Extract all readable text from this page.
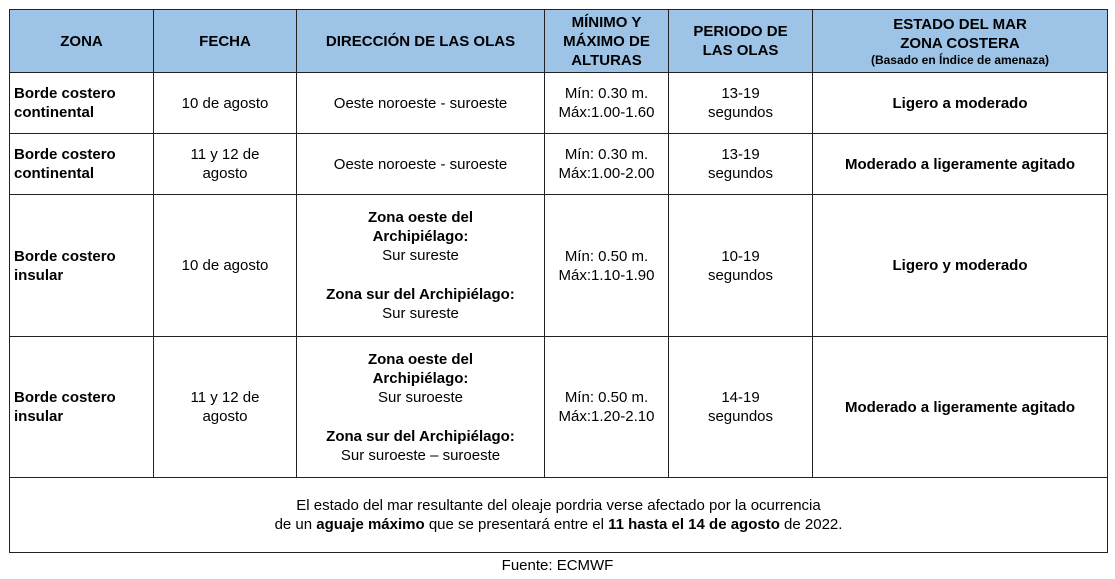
ZONA	FECHA	DIRECCIÓN DE LAS OLAS	MÍNIMO Y
MÁXIMO DE
ALTURAS	PERIODO DE
LAS OLAS	ESTADO DEL MAR
ZONA COSTERA
(Basado en Índice de amenaza)

Borde costero
continental	10 de agosto	Oeste noroeste - suroeste	Mín: 0.30 m.
Máx:1.00-1.60	13-19
segundos	Ligero a moderado

Borde costero
continental	11 y 12 de
agosto	Oeste noroeste - suroeste	Mín: 0.30 m.
Máx:1.00-2.00	13-19
segundos	Moderado a ligeramente agitado

Borde costero
insular	10 de agosto	Zona oeste del
Archipiélago:
Sur sureste
Zona sur del Archipiélago:
Sur sureste	Mín: 0.50 m.
Máx:1.10-1.90	10-19
segundos	Ligero y moderado

Borde costero
insular	11 y 12 de
agosto	Zona oeste del
Archipiélago:
Sur suroeste
Zona sur del Archipiélago:
Sur suroeste – suroeste	Mín: 0.50 m.
Máx:1.20-2.10	14-19
segundos	Moderado a ligeramente agitado

El estado del mar resultante del oleaje pordria verse afectado por la ocurrencia
de un aguaje máximo que se presentará entre el 11 hasta el 14 de agosto de 2022.					
Fuente: ECMWF
